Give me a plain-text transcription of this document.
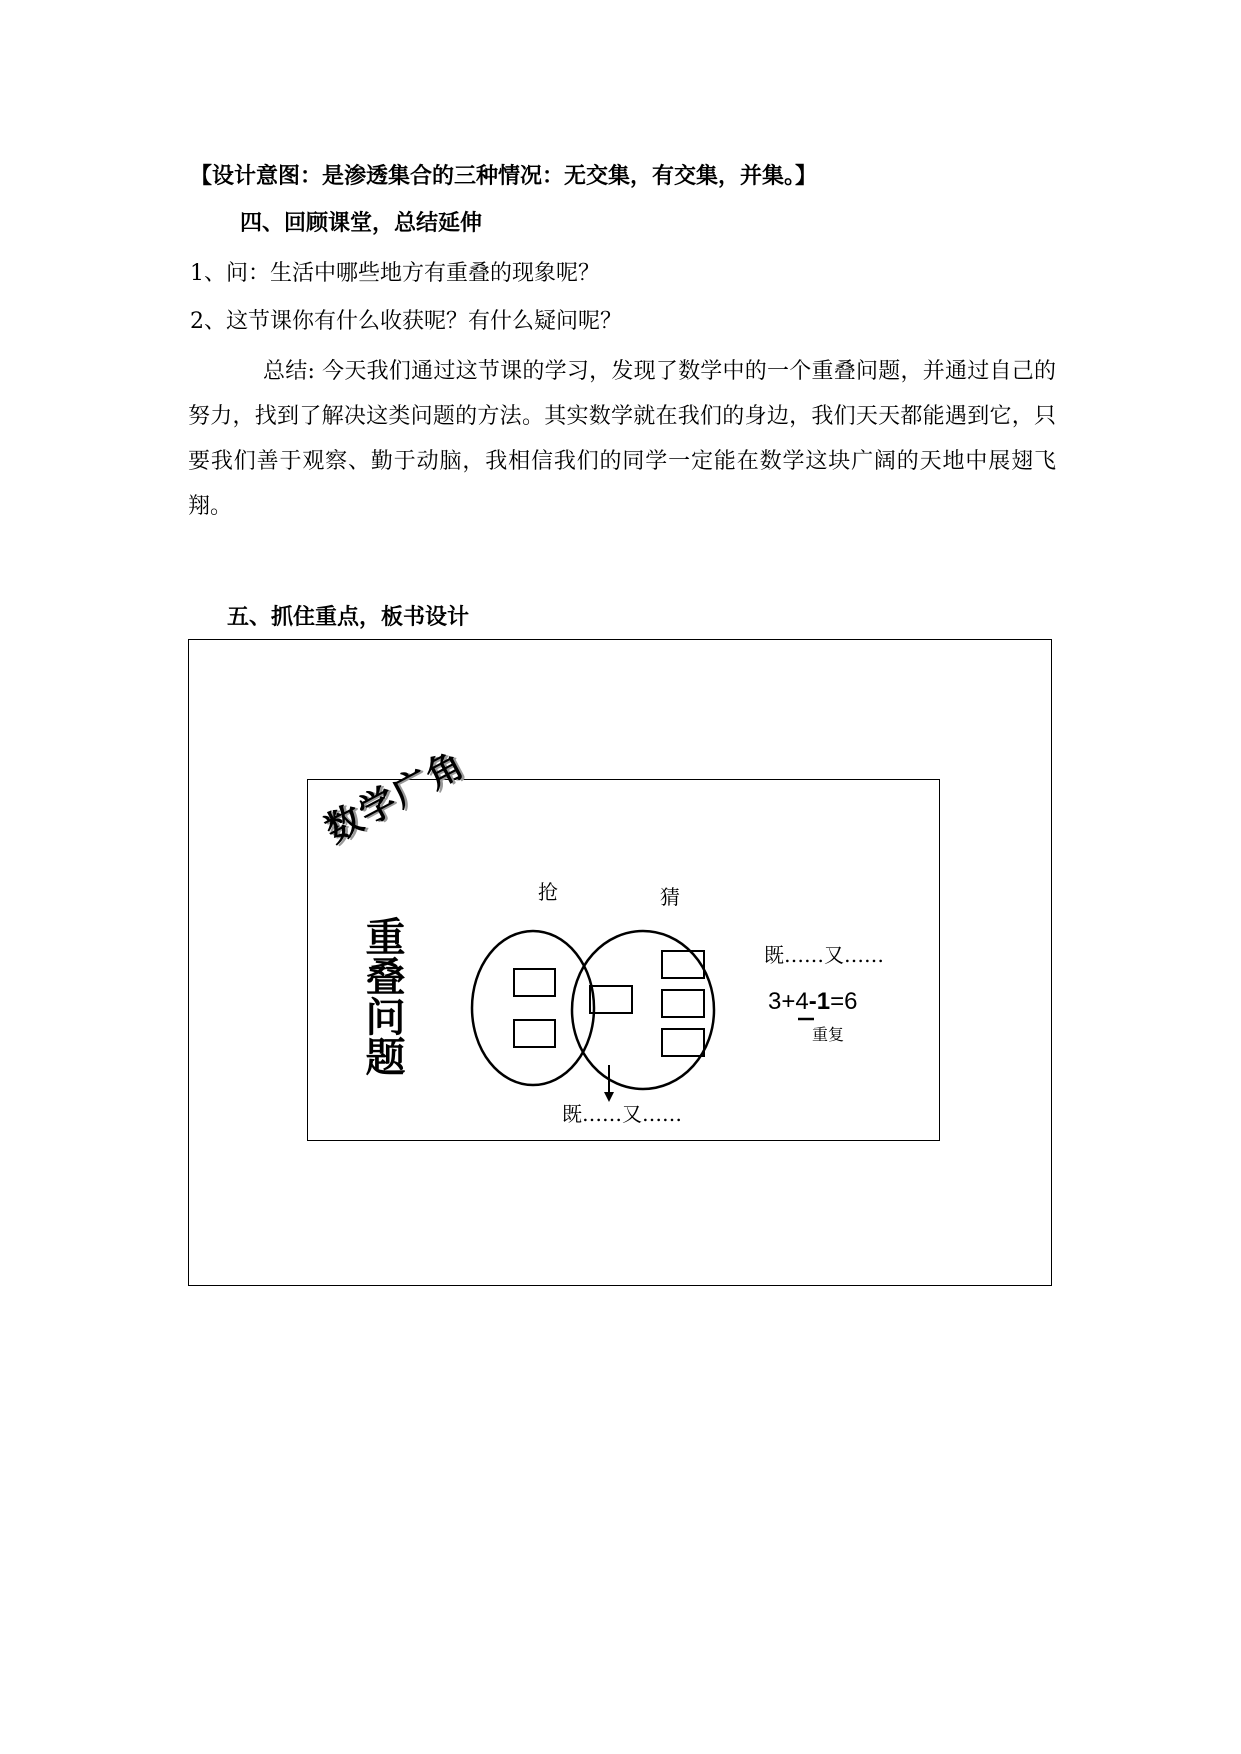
【设计意图：是渗透集合的三种情况：无交集，有交集，并集。】
四、回顾课堂，总结延伸
1、问：生活中哪些地方有重叠的现象呢？
2、这节课你有什么收获呢？有什么疑问呢？
总结: 今天我们通过这节课的学习，发现了数学中的一个重叠问题，并通过自己的努力，找到了解决这类问题的方法。其实数学就在我们的身边，我们天天都能遇到它，只要我们善于观察、勤于动脑，我相信我们的同学一定能在数学这块广阔的天地中展翅飞翔。
五、抓住重点，板书设计
数学广角
重叠问题
抢	猜
既……又……
既……又……
3+4-1=6
重复
